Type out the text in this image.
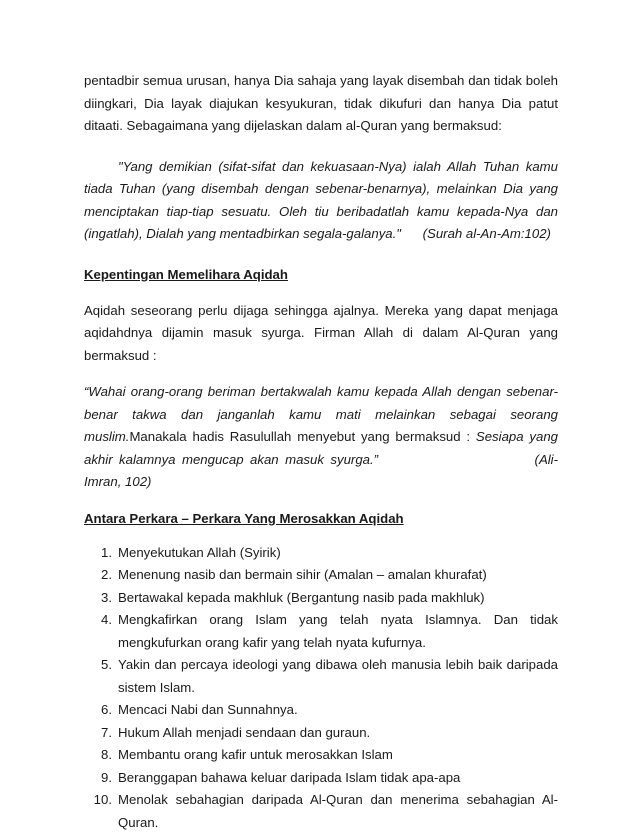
pentadbir semua urusan, hanya Dia sahaja yang layak disembah dan tidak boleh diingkari, Dia layak diajukan kesyukuran, tidak dikufuri dan hanya Dia patut ditaati. Sebagaimana yang dijelaskan dalam al-Quran yang bermaksud:

"Yang demikian (sifat-sifat dan kekuasaan-Nya) ialah Allah Tuhan kamu tiada Tuhan (yang disembah dengan sebenar-benarnya), melainkan Dia yang menciptakan tiap-tiap sesuatu. Oleh tiu beribadatlah kamu kepada-Nya dan (ingatlah), Dialah yang mentadbirkan segala-galanya." (Surah al-An-Am:102)

Kepentingan Memelihara Aqidah

Aqidah seseorang perlu dijaga sehingga ajalnya. Mereka yang dapat menjaga aqidahdnya dijamin masuk syurga. Firman Allah di dalam Al-Quran yang bermaksud :

“Wahai orang-orang beriman bertakwalah kamu kepada Allah dengan sebenar-benar takwa dan janganlah kamu mati melainkan sebagai seorang muslim.Manakala hadis Rasulullah menyebut yang bermaksud : Sesiapa yang akhir kalamnya mengucap akan masuk syurga.”	(Ali-Imran, 102)

Antara Perkara – Perkara Yang Merosakkan Aqidah

1. Menyekutukan Allah (Syirik)
2. Menenung nasib dan bermain sihir (Amalan – amalan khurafat)
3. Bertawakal kepada makhluk (Bergantung nasib pada makhluk)
4. Mengkafirkan orang Islam yang telah nyata Islamnya. Dan tidak mengkufurkan orang kafir yang telah nyata kufurnya.
5. Yakin dan percaya ideologi yang dibawa oleh manusia lebih baik daripada sistem Islam.
6. Mencaci Nabi dan Sunnahnya.
7. Hukum Allah menjadi sendaan dan guraun.
8. Membantu orang kafir untuk merosakkan Islam
9. Beranggapan bahawa keluar daripada Islam tidak apa-apa
10. Menolak sebahagian daripada Al-Quran dan menerima sebahagian Al-Quran.
